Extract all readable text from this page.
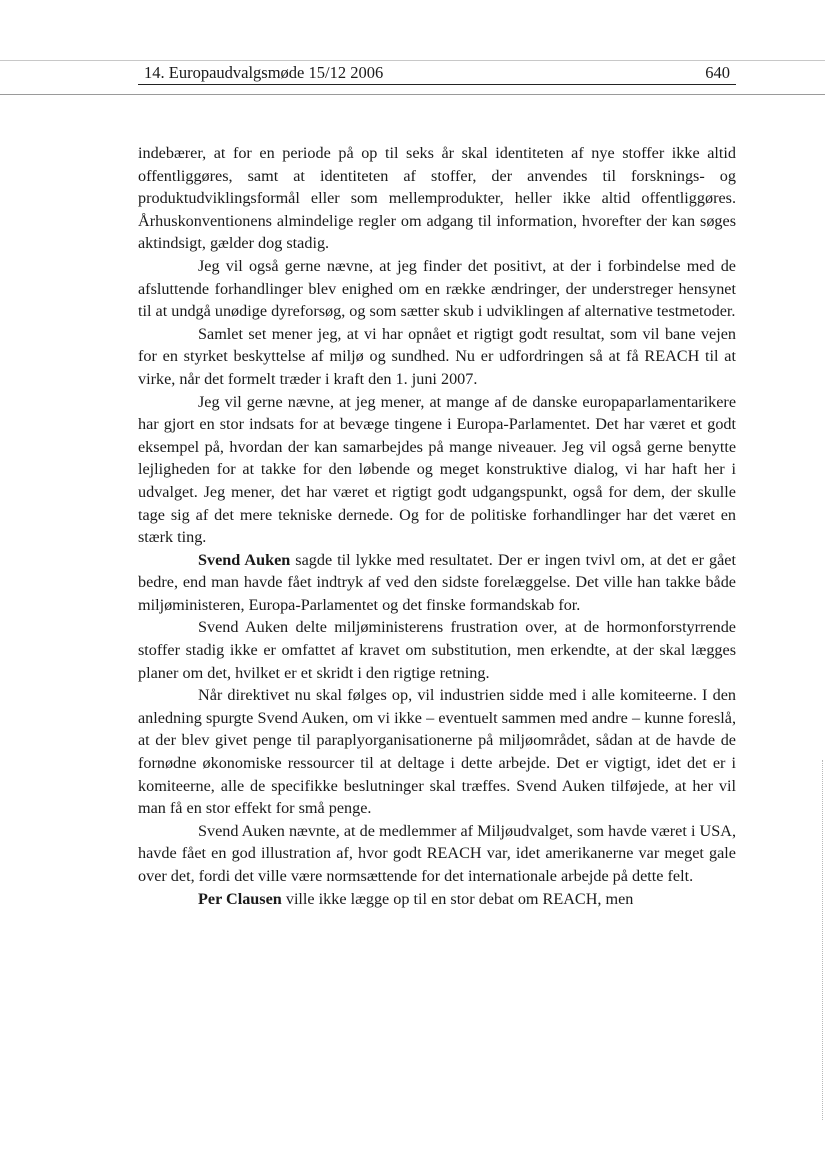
14. Europaudvalgsmøde 15/12 2006	640

indebærer, at for en periode på op til seks år skal identiteten af nye stoffer ikke altid offentliggøres, samt at identiteten af stoffer, der anvendes til forsknings- og produktudviklingsformål eller som mellemprodukter, heller ikke altid offentliggøres. Århuskonventionens almindelige regler om adgang til information, hvorefter der kan søges aktindsigt, gælder dog stadig.

Jeg vil også gerne nævne, at jeg finder det positivt, at der i forbindelse med de afsluttende forhandlinger blev enighed om en række ændringer, der understreger hensynet til at undgå unødige dyreforsøg, og som sætter skub i udviklingen af alternative testmetoder.

Samlet set mener jeg, at vi har opnået et rigtigt godt resultat, som vil bane vejen for en styrket beskyttelse af miljø og sundhed. Nu er udfordringen så at få REACH til at virke, når det formelt træder i kraft den 1. juni 2007.

Jeg vil gerne nævne, at jeg mener, at mange af de danske europaparlamentarikere har gjort en stor indsats for at bevæge tingene i Europa-Parlamentet. Det har været et godt eksempel på, hvordan der kan samarbejdes på mange niveauer. Jeg vil også gerne benytte lejligheden for at takke for den løbende og meget konstruktive dialog, vi har haft her i udvalget. Jeg mener, det har været et rigtigt godt udgangspunkt, også for dem, der skulle tage sig af det mere tekniske dernede. Og for de politiske forhandlinger har det været en stærk ting.

Svend Auken sagde til lykke med resultatet. Der er ingen tvivl om, at det er gået bedre, end man havde fået indtryk af ved den sidste forelæggelse. Det ville han takke både miljøministeren, Europa-Parlamentet og det finske formandskab for.

Svend Auken delte miljøministerens frustration over, at de hormonforstyrrende stoffer stadig ikke er omfattet af kravet om substitution, men erkendte, at der skal lægges planer om det, hvilket er et skridt i den rigtige retning.

Når direktivet nu skal følges op, vil industrien sidde med i alle komiteerne. I den anledning spurgte Svend Auken, om vi ikke – eventuelt sammen med andre – kunne foreslå, at der blev givet penge til paraplyorganisationerne på miljøområdet, sådan at de havde de fornødne økonomiske ressourcer til at deltage i dette arbejde. Det er vigtigt, idet det er i komiteerne, alle de specifikke beslutninger skal træffes. Svend Auken tilføjede, at her vil man få en stor effekt for små penge.

Svend Auken nævnte, at de medlemmer af Miljøudvalget, som havde været i USA, havde fået en god illustration af, hvor godt REACH var, idet amerikanerne var meget gale over det, fordi det ville være normsættende for det internationale arbejde på dette felt.

Per Clausen ville ikke lægge op til en stor debat om REACH, men
